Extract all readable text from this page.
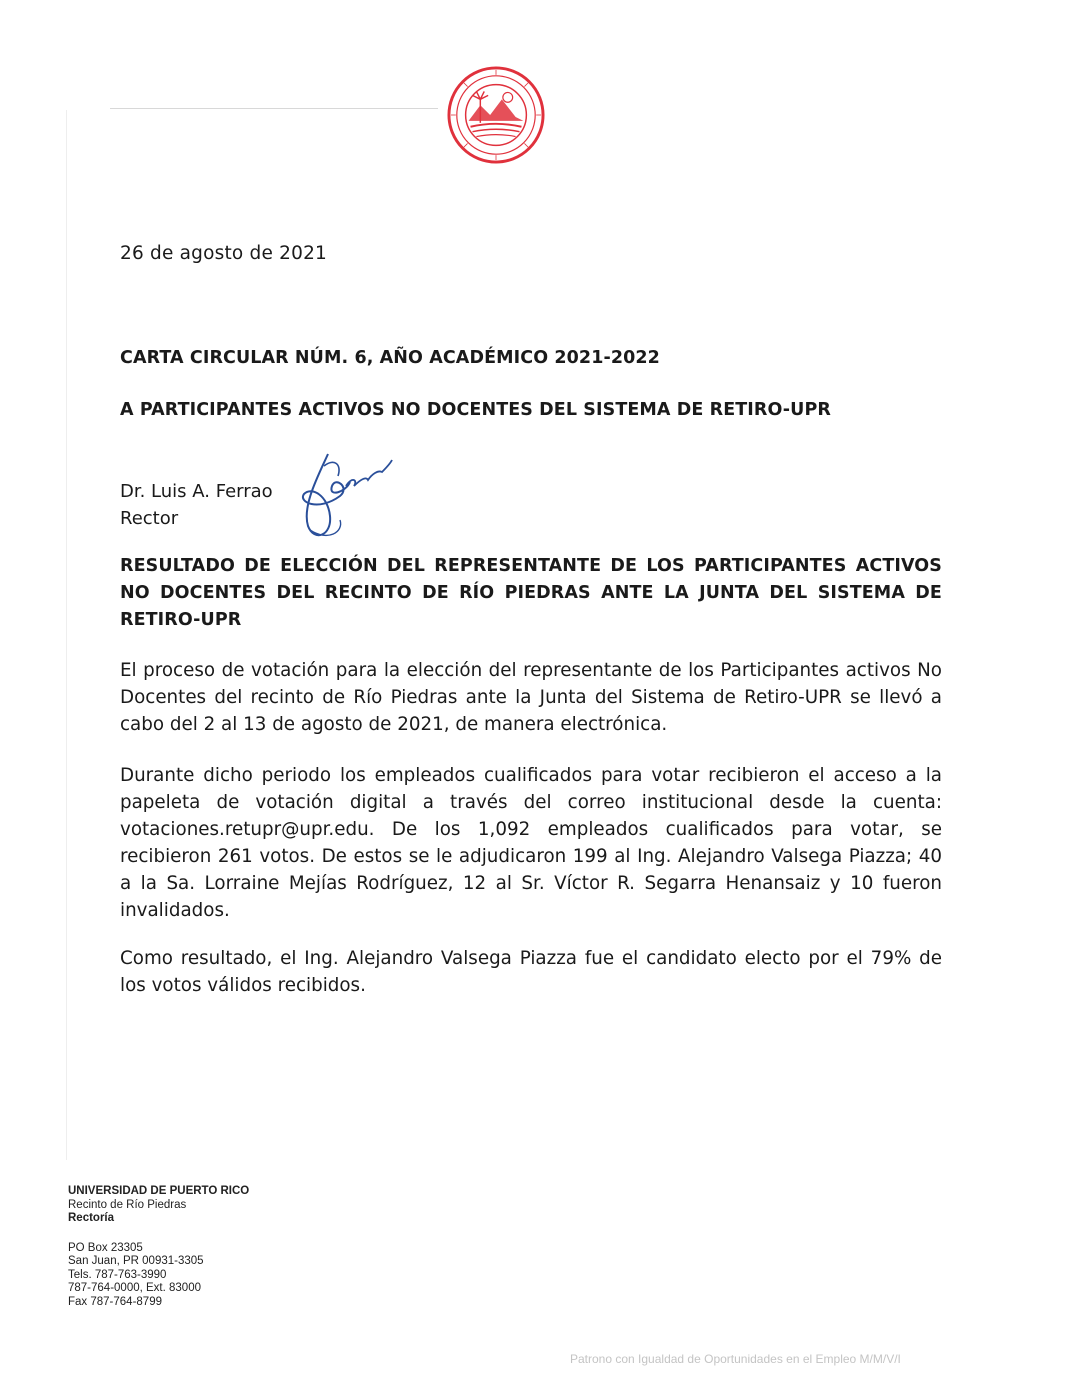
26 de agosto de 2021
CARTA CIRCULAR NÚM. 6, AÑO ACADÉMICO 2021-2022
A PARTICIPANTES ACTIVOS NO DOCENTES DEL SISTEMA DE RETIRO-UPR
Dr. Luis A. Ferrao
Rector
RESULTADO DE ELECCIÓN DEL REPRESENTANTE DE LOS PARTICIPANTES ACTIVOS NO DOCENTES DEL RECINTO DE RÍO PIEDRAS ANTE LA JUNTA DEL SISTEMA DE RETIRO-UPR

El proceso de votación para la elección del representante de los Participantes activos No Docentes del recinto de Río Piedras ante la Junta del Sistema de Retiro-UPR se llevó a cabo del 2 al 13 de agosto de 2021, de manera electrónica.

Durante dicho periodo los empleados cualificados para votar recibieron el acceso a la papeleta de votación digital a través del correo institucional desde la cuenta: votaciones.retupr@upr.edu. De los 1,092 empleados cualificados para votar, se recibieron 261 votos. De estos se le adjudicaron 199 al Ing. Alejandro Valsega Piazza; 40 a la Sa. Lorraine Mejías Rodríguez, 12 al Sr. Víctor R. Segarra Henansaiz y 10 fueron invalidados.

Como resultado, el Ing. Alejandro Valsega Piazza fue el candidato electo por el 79% de los votos válidos recibidos.

UNIVERSIDAD DE PUERTO RICO
Recinto de Río Piedras
Rectoría
PO Box 23305
San Juan, PR 00931-3305
Tels. 787-763-3990
787-764-0000, Ext. 83000
Fax 787-764-8799
Patrono con Igualdad de Oportunidades en el Empleo M/M/V/I
